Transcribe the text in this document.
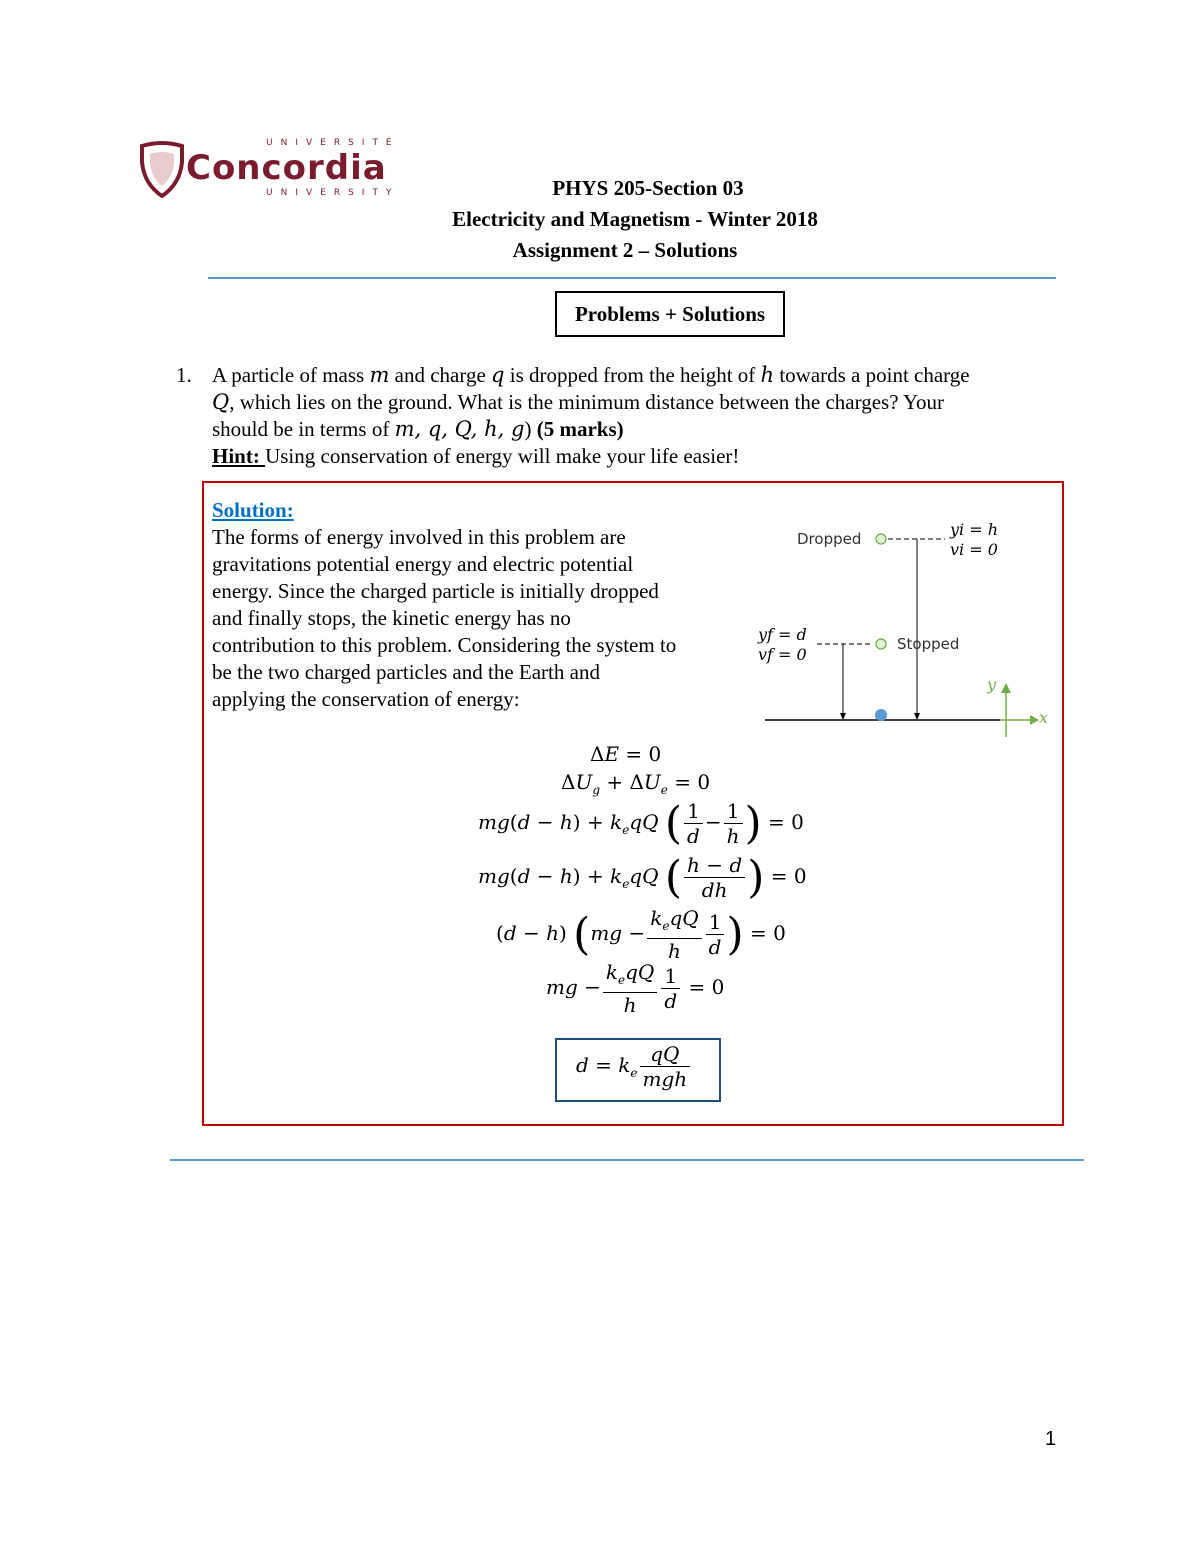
UNIVERSITÉ
Concordia
UNIVERSITY	PHYS 205-Section 03
Electricity and Magnetism - Winter 2018
Assignment 2 – Solutions
Problems + Solutions
1. A particle of mass m and charge q is dropped from the height of h towards a point charge
Q, which lies on the ground. What is the minimum distance between the charges? Your
should be in terms of m, q, Q, h, g) (5 marks)
Hint: Using conservation of energy will make your life easier!
Solution:
The forms of energy involved in this problem are
gravitations potential energy and electric potential
energy. Since the charged particle is initially dropped
and finally stops, the kinetic energy has no
contribution to this problem. Considering the system to
be the two charged particles and the Earth and
applying the conservation of energy:
Dropped
Stopped
yi = h
vi = 0
yf = d
vf = 0
y
x
ΔE = 0
$\Delta U_g + \Delta U_e = 0$
$mg(d - h) + k_eqQ$ ( $\frac{1}{d} - \frac{1}{h}$ ) = 0
$mg(d - h) + k_eqQ$ ( $\frac{h - d}{dh}$ ) = 0
(d − h) ($mg - \frac{k_eqQ}{h} \frac{1}{d}$ ) = 0
mg − $\frac{k_eqQ}{h} \frac{1}{d} = 0$
$d = k_e \frac{qQ}{\text{mgh}}$
1
